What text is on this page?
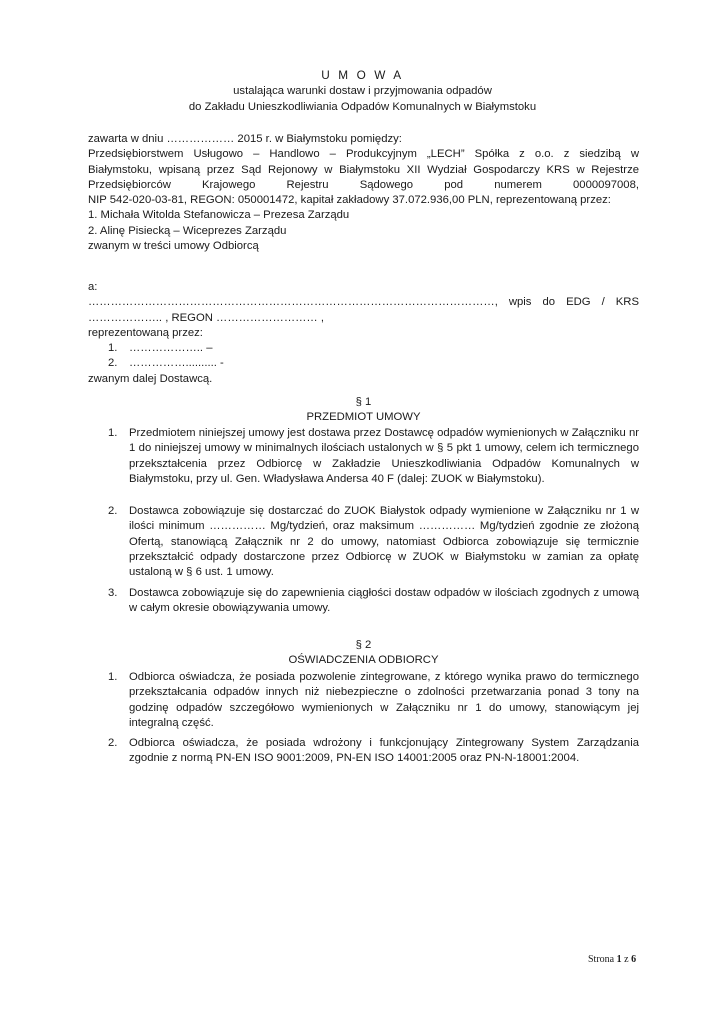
U M O W A
ustalająca warunki dostaw i przyjmowania odpadów
do Zakładu Unieszkodliwiania Odpadów Komunalnych w Białymstoku
zawarta w dniu ……………… 2015 r. w Białymstoku pomiędzy:
Przedsiębiorstwem Usługowo – Handlowo – Produkcyjnym „LECH” Spółka z o.o. z siedzibą w
Białymstoku, wpisaną przez Sąd Rejonowy w Białymstoku XII Wydział Gospodarczy KRS w Rejestrze
Przedsiębiorców Krajowego Rejestru Sądowego pod numerem 0000097008,
NIP 542-020-03-81, REGON: 050001472, kapitał zakładowy 37.072.936,00 PLN, reprezentowaną przez:
1. Michała Witolda Stefanowicza – Prezesa Zarządu
2. Alinę Pisiecką – Wiceprezes Zarządu
zwanym w treści umowy Odbiorcą
a:
………………………………………………………………………………………………, wpis do EDG / KRS
……………….. , REGON ……………………… ,
reprezentowaną przez:
1. ……………….. –
2. …………….......... -
zwanym dalej Dostawcą.
§ 1
PRZEDMIOT UMOWY
1. Przedmiotem niniejszej umowy jest dostawa przez Dostawcę odpadów wymienionych w Załączniku nr 1 do niniejszej umowy w minimalnych ilościach ustalonych w § 5 pkt 1 umowy, celem ich termicznego przekształcenia przez Odbiorcę w Zakładzie Unieszkodliwiania Odpadów Komunalnych w Białymstoku, przy ul. Gen. Władysława Andersa 40 F (dalej: ZUOK w Białymstoku).
2. Dostawca zobowiązuje się dostarczać do ZUOK Białystok odpady wymienione w Załączniku nr 1 w ilości minimum …………… Mg/tydzień, oraz maksimum …………… Mg/tydzień zgodnie ze złożoną Ofertą, stanowiącą Załącznik nr 2 do umowy, natomiast Odbiorca zobowiązuje się termicznie przekształcić odpady dostarczone przez Odbiorcę w ZUOK w Białymstoku w zamian za opłatę ustaloną w § 6 ust. 1 umowy.
3. Dostawca zobowiązuje się do zapewnienia ciągłości dostaw odpadów w ilościach zgodnych z umową w całym okresie obowiązywania umowy.
§ 2
OŚWIADCZENIA ODBIORCY
1. Odbiorca oświadcza, że posiada pozwolenie zintegrowane, z którego wynika prawo do termicznego przekształcania odpadów innych niż niebezpieczne o zdolności przetwarzania ponad 3 tony na godzinę odpadów szczegółowo wymienionych w Załączniku nr 1 do umowy, stanowiącym jej integralną część.
2. Odbiorca oświadcza, że posiada wdrożony i funkcjonujący Zintegrowany System Zarządzania zgodnie z normą PN-EN ISO 9001:2009, PN-EN ISO 14001:2005 oraz PN-N-18001:2004.
Strona 1 z 6
